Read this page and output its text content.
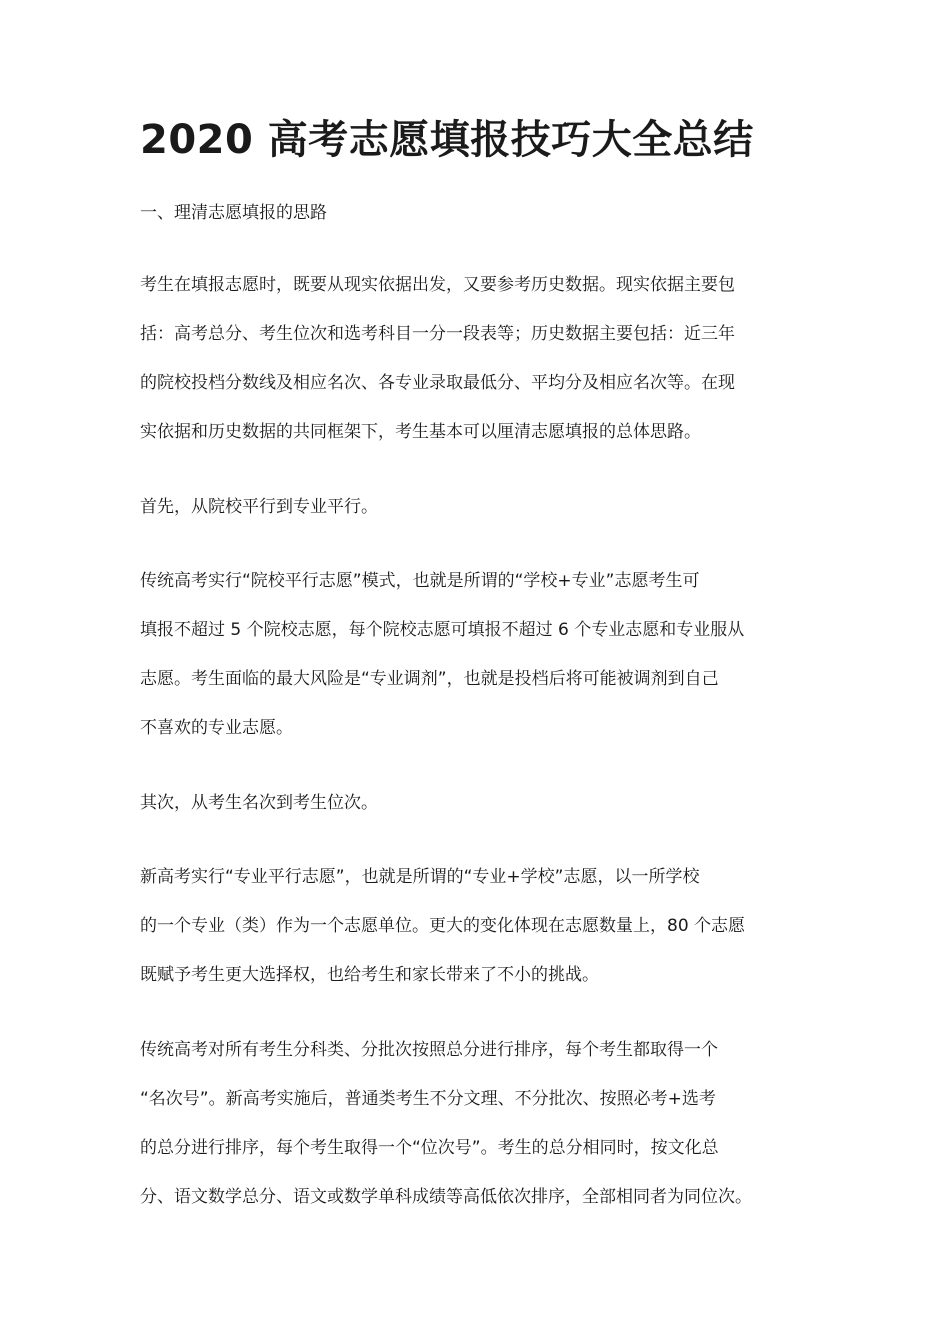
2020 高考志愿填报技巧大全总结

一、理清志愿填报的思路

考生在填报志愿时，既要从现实依据出发，又要参考历史数据。现实依据主要包
括：高考总分、考生位次和选考科目一分一段表等；历史数据主要包括：近三年
的院校投档分数线及相应名次、各专业录取最低分、平均分及相应名次等。在现
实依据和历史数据的共同框架下，考生基本可以厘清志愿填报的总体思路。

首先，从院校平行到专业平行。

传统高考实行“院校平行志愿”模式，也就是所谓的“学校+专业”志愿考生可
填报不超过 5 个院校志愿，每个院校志愿可填报不超过 6 个专业志愿和专业服从
志愿。考生面临的最大风险是“专业调剂”，也就是投档后将可能被调剂到自己
不喜欢的专业志愿。

其次，从考生名次到考生位次。

新高考实行“专业平行志愿”，也就是所谓的“专业+学校”志愿，以一所学校
的一个专业（类）作为一个志愿单位。更大的变化体现在志愿数量上，80 个志愿
既赋予考生更大选择权，也给考生和家长带来了不小的挑战。

传统高考对所有考生分科类、分批次按照总分进行排序，每个考生都取得一个
“名次号”。新高考实施后，普通类考生不分文理、不分批次、按照必考+选考
的总分进行排序，每个考生取得一个“位次号”。考生的总分相同时，按文化总
分、语文数学总分、语文或数学单科成绩等高低依次排序，全部相同者为同位次。
